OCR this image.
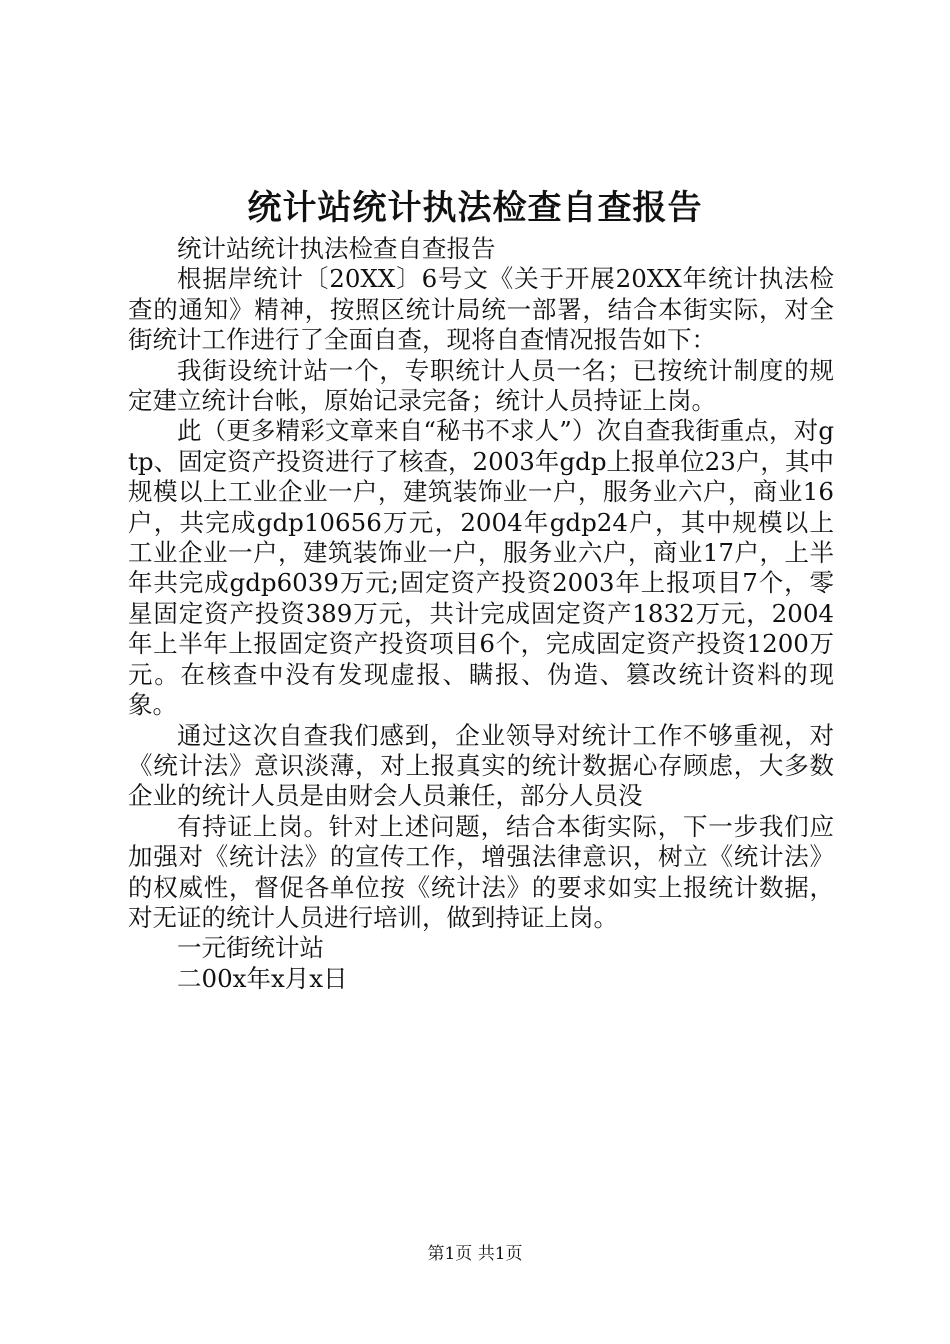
统计站统计执法检查自查报告

统计站统计执法检查自查报告

根据岸统计〔20XX〕6号文《关于开展20XX年统计执法检查的通知》精神，按照区统计局统一部署，结合本街实际，对全街统计工作进行了全面自查，现将自查情况报告如下：

我街设统计站一个，专职统计人员一名；已按统计制度的规定建立统计台帐，原始记录完备；统计人员持证上岗。

此（更多精彩文章来自“秘书不求人”）次自查我街重点，对gtp、固定资产投资进行了核查，2003年gdp上报单位23户，其中规模以上工业企业一户，建筑装饰业一户，服务业六户，商业16户，共完成gdp10656万元，2004年gdp24户，其中规模以上工业企业一户，建筑装饰业一户，服务业六户，商业17户，上半年共完成gdp6039万元;固定资产投资2003年上报项目7个，零星固定资产投资389万元，共计完成固定资产1832万元，2004年上半年上报固定资产投资项目6个，完成固定资产投资1200万元。在核查中没有发现虚报、瞒报、伪造、篡改统计资料的现象。

通过这次自查我们感到，企业领导对统计工作不够重视，对《统计法》意识淡薄，对上报真实的统计数据心存顾虑，大多数企业的统计人员是由财会人员兼任，部分人员没

有持证上岗。针对上述问题，结合本街实际，下一步我们应加强对《统计法》的宣传工作，增强法律意识，树立《统计法》的权威性，督促各单位按《统计法》的要求如实上报统计数据，对无证的统计人员进行培训，做到持证上岗。

一元街统计站

二00x年x月x日

第1页 共1页
